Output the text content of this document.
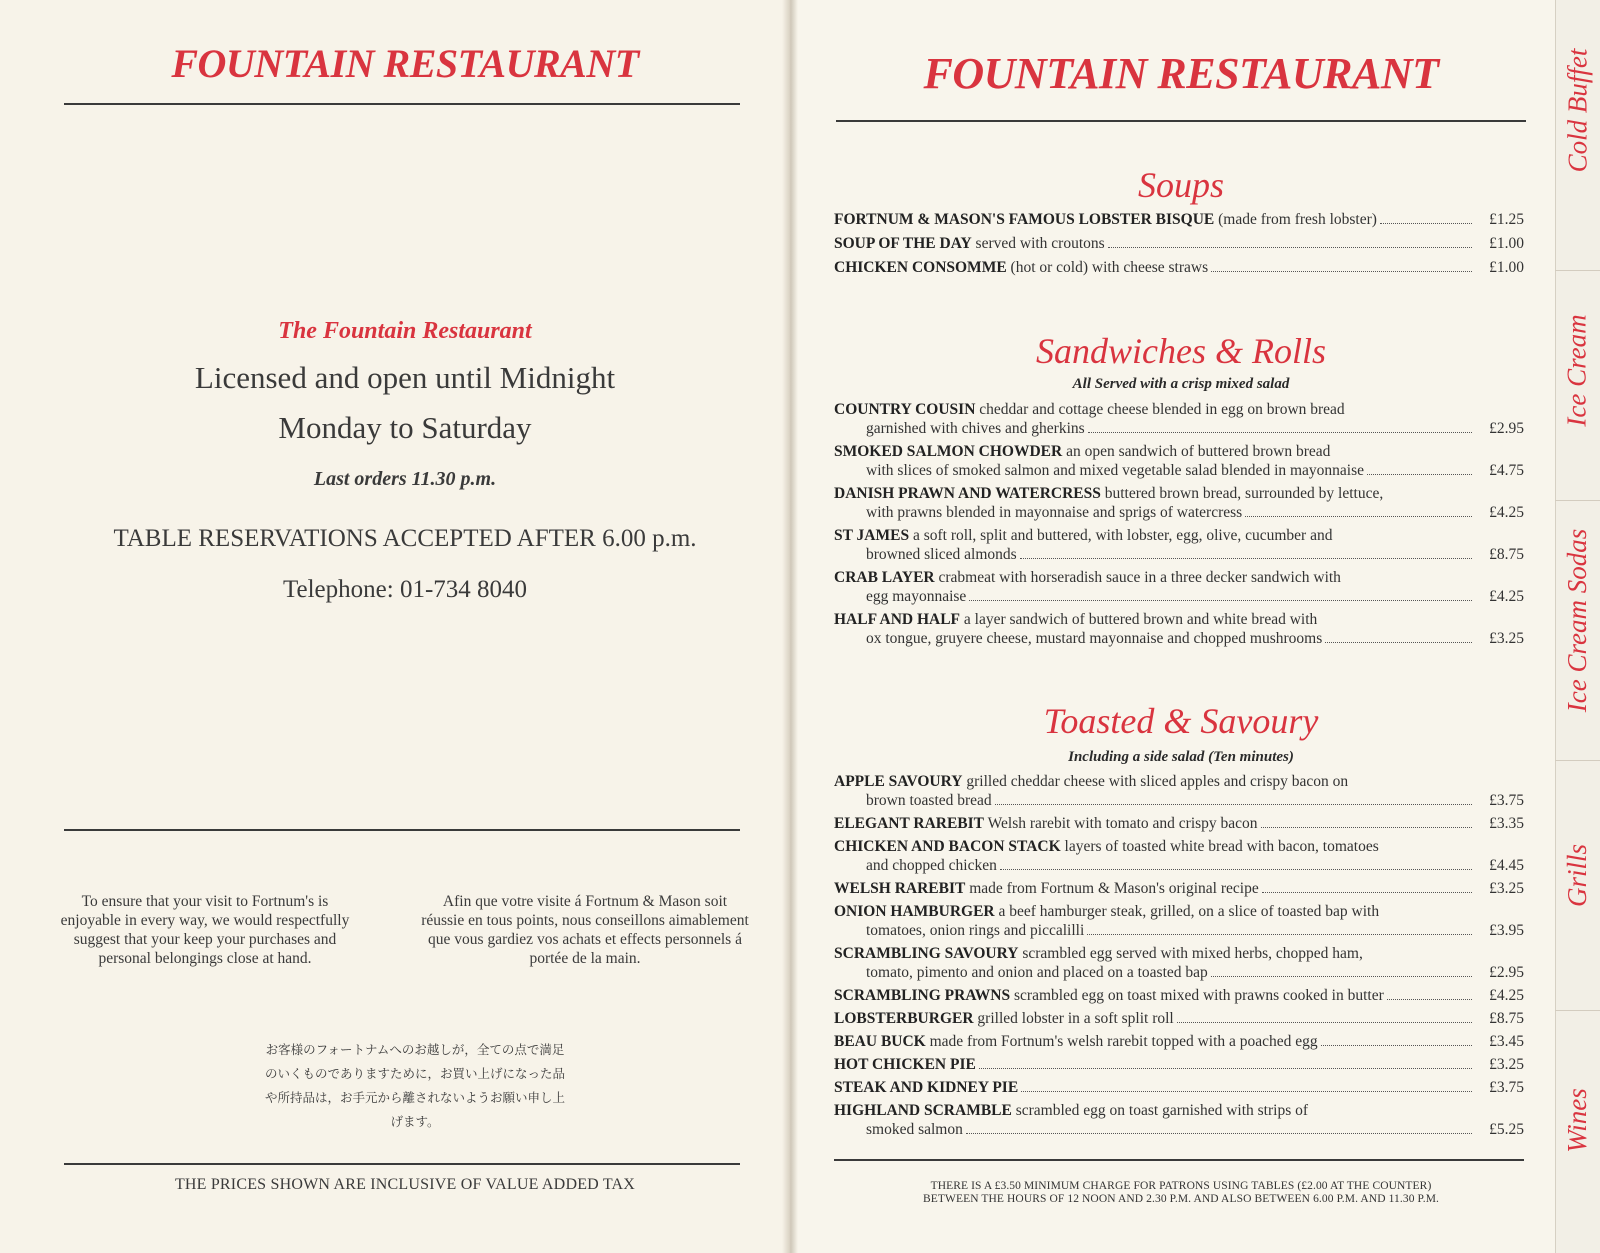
FOUNTAIN RESTAURANT
The Fountain Restaurant
Licensed and open until Midnight
Monday to Saturday
Last orders 11.30 p.m.
TABLE RESERVATIONS ACCEPTED AFTER 6.00 p.m.
Telephone: 01-734 8040
To ensure that your visit to Fortnum's is enjoyable in every way, we would respectfully suggest that your keep your purchases and personal belongings close at hand.
Afin que votre visite á Fortnum & Mason soit réussie en tous points, nous conseillons aimablement que vous gardiez vos achats et effects personnels á portée de la main.
お客様のフォートナムへのお越しが，全ての点で満足のいくものでありますために，お買い上げになった品や所持品は，お手元から離されないようお願い申し上げます。
THE PRICES SHOWN ARE INCLUSIVE OF VALUE ADDED TAX
FOUNTAIN RESTAURANT
Soups
FORTNUM & MASON'S FAMOUS LOBSTER BISQUE (made from fresh lobster)	£1.25
SOUP OF THE DAY served with croutons	£1.00
CHICKEN CONSOMME (hot or cold) with cheese straws	£1.00
Sandwiches & Rolls
All Served with a crisp mixed salad
COUNTRY COUSIN cheddar and cottage cheese blended in egg on brown bread
garnished with chives and gherkins	£2.95
SMOKED SALMON CHOWDER an open sandwich of buttered brown bread
with slices of smoked salmon and mixed vegetable salad blended in mayonnaise	£4.75
DANISH PRAWN AND WATERCRESS buttered brown bread, surrounded by lettuce,
with prawns blended in mayonnaise and sprigs of watercress	£4.25
ST JAMES a soft roll, split and buttered, with lobster, egg, olive, cucumber and
browned sliced almonds	£8.75
CRAB LAYER crabmeat with horseradish sauce in a three decker sandwich with
egg mayonnaise	£4.25
HALF AND HALF a layer sandwich of buttered brown and white bread with
ox tongue, gruyere cheese, mustard mayonnaise and chopped mushrooms	£3.25
Toasted & Savoury
Including a side salad (Ten minutes)
APPLE SAVOURY grilled cheddar cheese with sliced apples and crispy bacon on
brown toasted bread	£3.75
ELEGANT RAREBIT Welsh rarebit with tomato and crispy bacon	£3.35
CHICKEN AND BACON STACK layers of toasted white bread with bacon, tomatoes
and chopped chicken	£4.45
WELSH RAREBIT made from Fortnum & Mason's original recipe	£3.25
ONION HAMBURGER a beef hamburger steak, grilled, on a slice of toasted bap with
tomatoes, onion rings and piccalilli	£3.95
SCRAMBLING SAVOURY scrambled egg served with mixed herbs, chopped ham,
tomato, pimento and onion and placed on a toasted bap	£2.95
SCRAMBLING PRAWNS scrambled egg on toast mixed with prawns cooked in butter	£4.25
LOBSTERBURGER grilled lobster in a soft split roll	£8.75
BEAU BUCK made from Fortnum's welsh rarebit topped with a poached egg	£3.45
HOT CHICKEN PIE	£3.25
STEAK AND KIDNEY PIE	£3.75
HIGHLAND SCRAMBLE scrambled egg on toast garnished with strips of
smoked salmon	£5.25
THERE IS A £3.50 MINIMUM CHARGE FOR PATRONS USING TABLES (£2.00 AT THE COUNTER)
BETWEEN THE HOURS OF 12 NOON AND 2.30 P.M. AND ALSO BETWEEN 6.00 P.M. AND 11.30 P.M.
Cold Buffet
Ice Cream
Ice Cream Sodas
Grills
Wines
